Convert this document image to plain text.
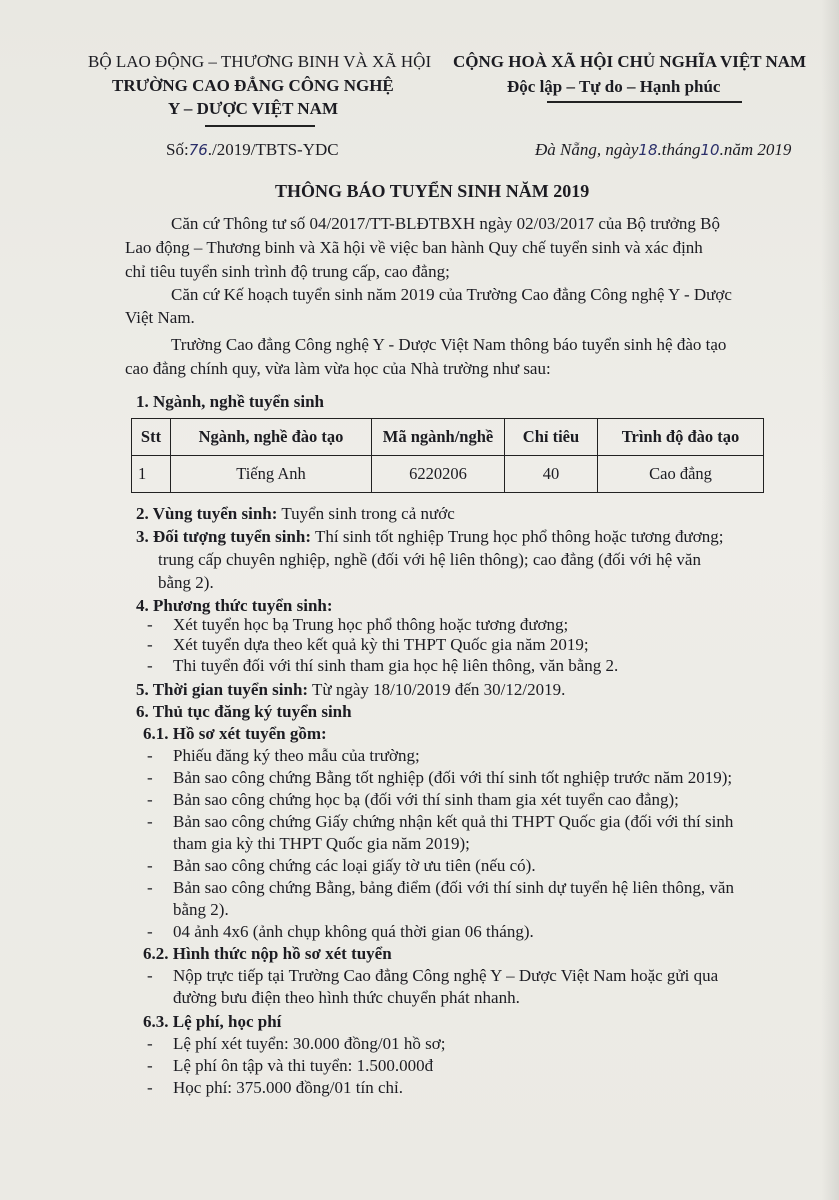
BỘ LAO ĐỘNG – THƯƠNG BINH VÀ XÃ HỘI
TRƯỜNG CAO ĐẲNG CÔNG NGHỆ
Y – DƯỢC VIỆT NAM
CỘNG HOÀ XÃ HỘI CHỦ NGHĨA VIỆT NAM
Độc lập – Tự do – Hạnh phúc
Số:76./2019/TBTS-YDC	Đà Nẵng, ngày18.tháng10.năm 2019
THÔNG BÁO TUYỂN SINH NĂM 2019
Căn cứ Thông tư số 04/2017/TT-BLĐTBXH ngày 02/03/2017 của Bộ trưởng Bộ
Lao động – Thương binh và Xã hội về việc ban hành Quy chế tuyển sinh và xác định
chỉ tiêu tuyển sinh trình độ trung cấp, cao đẳng;
Căn cứ Kế hoạch tuyển sinh năm 2019 của Trường Cao đẳng Công nghệ Y - Dược
Việt Nam.
Trường Cao đẳng Công nghệ Y - Dược Việt Nam thông báo tuyển sinh hệ đào tạo
cao đẳng chính quy, vừa làm vừa học của Nhà trường như sau:
1. Ngành, nghề tuyển sinh
Stt	Ngành, nghề đào tạo	Mã ngành/nghề	Chỉ tiêu	Trình độ đào tạo
1	Tiếng Anh	6220206	40	Cao đẳng
2. Vùng tuyển sinh: Tuyển sinh trong cả nước
3. Đối tượng tuyển sinh: Thí sinh tốt nghiệp Trung học phổ thông hoặc tương đương;
trung cấp chuyên nghiệp, nghề (đối với hệ liên thông); cao đẳng (đối với hệ văn
bằng 2).
4. Phương thức tuyển sinh:
- Xét tuyển học bạ Trung học phổ thông hoặc tương đương;
- Xét tuyển dựa theo kết quả kỳ thi THPT Quốc gia năm 2019;
- Thi tuyển đối với thí sinh tham gia học hệ liên thông, văn bằng 2.
5. Thời gian tuyển sinh: Từ ngày 18/10/2019 đến 30/12/2019.
6. Thủ tục đăng ký tuyển sinh
6.1. Hồ sơ xét tuyển gồm:
- Phiếu đăng ký theo mẫu của trường;
- Bản sao công chứng Bằng tốt nghiệp (đối với thí sinh tốt nghiệp trước năm 2019);
- Bản sao công chứng học bạ (đối với thí sinh tham gia xét tuyển cao đẳng);
- Bản sao công chứng Giấy chứng nhận kết quả thi THPT Quốc gia (đối với thí sinh
tham gia kỳ thi THPT Quốc gia năm 2019);
- Bản sao công chứng các loại giấy tờ ưu tiên (nếu có).
- Bản sao công chứng Bằng, bảng điểm (đối với thí sinh dự tuyển hệ liên thông, văn
bằng 2).
- 04 ảnh 4x6 (ảnh chụp không quá thời gian 06 tháng).
6.2. Hình thức nộp hồ sơ xét tuyển
- Nộp trực tiếp tại Trường Cao đẳng Công nghệ Y – Dược Việt Nam hoặc gửi qua
đường bưu điện theo hình thức chuyển phát nhanh.
6.3. Lệ phí, học phí
- Lệ phí xét tuyển: 30.000 đồng/01 hồ sơ;
- Lệ phí ôn tập và thi tuyển: 1.500.000đ
- Học phí: 375.000 đồng/01 tín chỉ.
